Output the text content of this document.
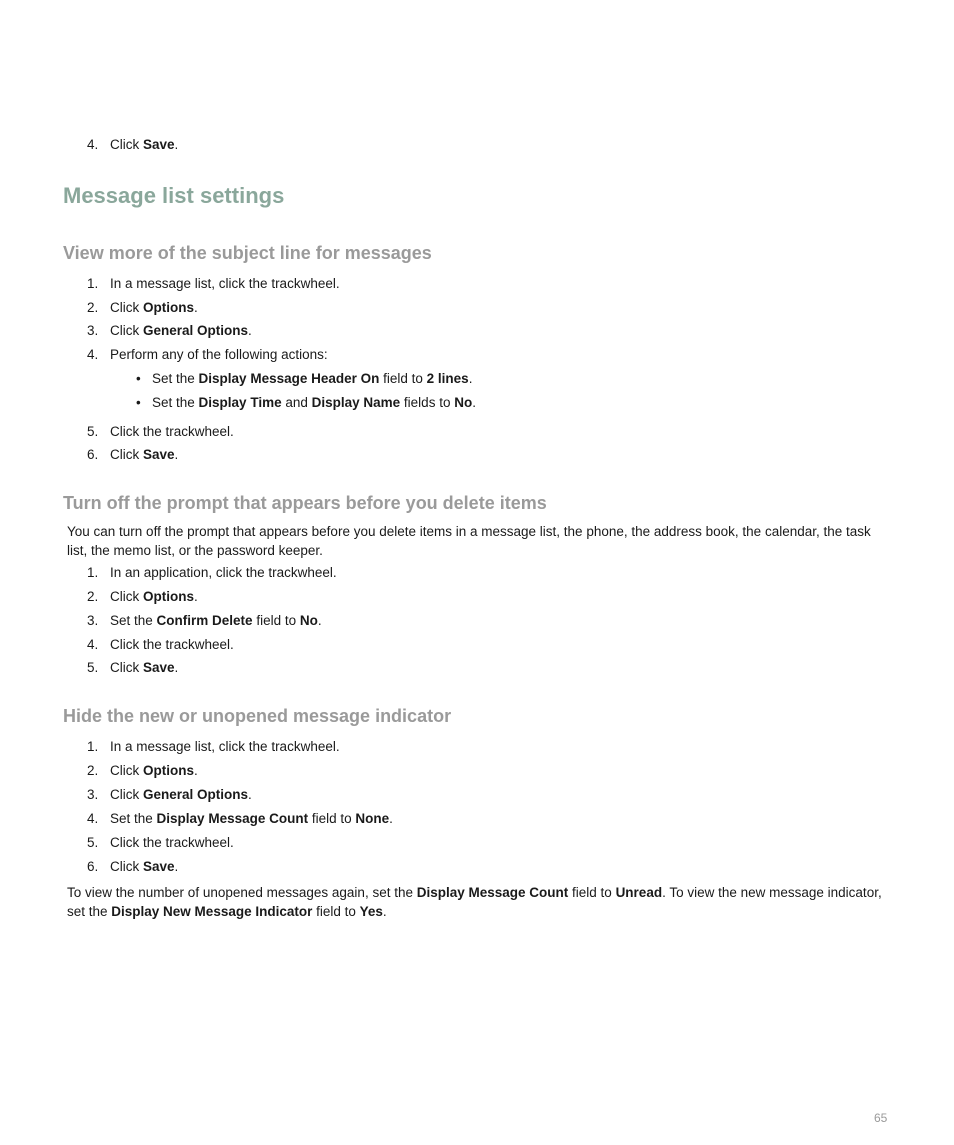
4. Click Save.
Message list settings
View more of the subject line for messages
1. In a message list, click the trackwheel.
2. Click Options.
3. Click General Options.
4. Perform any of the following actions:
• Set the Display Message Header On field to 2 lines.
• Set the Display Time and Display Name fields to No.
5. Click the trackwheel.
6. Click Save.
Turn off the prompt that appears before you delete items
You can turn off the prompt that appears before you delete items in a message list, the phone, the address book, the calendar, the task
list, the memo list, or the password keeper.
1. In an application, click the trackwheel.
2. Click Options.
3. Set the Confirm Delete field to No.
4. Click the trackwheel.
5. Click Save.
Hide the new or unopened message indicator
1. In a message list, click the trackwheel.
2. Click Options.
3. Click General Options.
4. Set the Display Message Count field to None.
5. Click the trackwheel.
6. Click Save.
To view the number of unopened messages again, set the Display Message Count field to Unread. To view the new message indicator,
set the Display New Message Indicator field to Yes.
65
